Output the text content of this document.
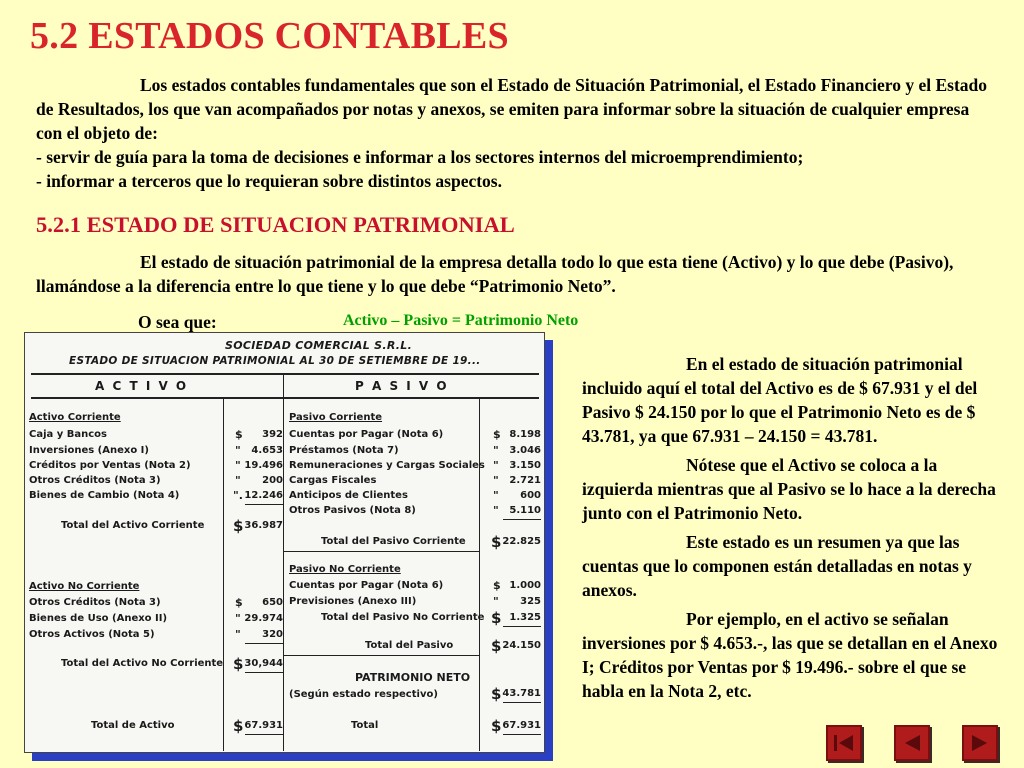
5.2 ESTADOS CONTABLES

Los estados contables fundamentales que son el Estado de Situación Patrimonial, el Estado Financiero y el Estado de Resultados, los que van acompañados por notas y anexos, se emiten para informar sobre la situación de cualquier empresa con el objeto de:

- servir de guía para la toma de decisiones e informar a los sectores internos del microemprendimiento;

- informar a terceros que lo requieran sobre distintos aspectos.

5.2.1 ESTADO DE SITUACION PATRIMONIAL
El estado de situación patrimonial de la empresa detalla todo lo que esta tiene (Activo) y lo que debe (Pasivo), llamándose a la diferencia entre lo que tiene y lo que debe “Patrimonio Neto”.
O sea que:	Activo – Pasivo = Patrimonio Neto
SOCIEDAD COMERCIAL S.R.L.
ESTADO DE SITUACION PATRIMONIAL AL 30 DE SETIEMBRE DE 19...
A C T I V O	P A S I V O
Activo Corriente
Caja y Bancos	$	392
Inversiones (Anexo I)	"	4.653
Créditos por Ventas (Nota 2)	" 19.496
Otros Créditos (Nota 3)	"	200
Bienes de Cambio (Nota 4)	". 12.246
Total del Activo Corriente $ 36.987
Activo No Corriente
Otros Créditos (Nota 3)	$	650
Bienes de Uso (Anexo II)	" 29.974
Otros Activos (Nota 5)	"	320
Total del Activo No Corriente $ 30,944
Total de Activo	$ 67.931
Pasivo Corriente
Cuentas por Pagar (Nota 6)	$ 8.198
Préstamos (Nota 7)	"	3.046
Remuneraciones y Cargas Sociales "	3.150
Cargas Fiscales	"	2.721
Anticipos de Clientes	"	600
Otros Pasivos (Nota 8)	"	5.110
Total del Pasivo Corriente $ 22.825
Pasivo No Corriente
Cuentas por Pagar (Nota 6)	$ 1.000
Previsiones (Anexo III)	"	325
Total del Pasivo No Corriente $ 1.325
Total del Pasivo	$ 24.150
PATRIMONIO NETO
(Según estado respectivo)	$ 43.781
Total	$ 67.931

En el estado de situación patrimonial incluido aquí el total del Activo es de $ 67.931 y el del Pasivo $ 24.150 por lo que el Patrimonio Neto es de $ 43.781, ya que 67.931 – 24.150 = 43.781.

Nótese que el Activo se coloca a la izquierda mientras que al Pasivo se lo hace a la derecha junto con el Patrimonio Neto.

Este estado es un resumen ya que las cuentas que lo componen están detalladas en notas y anexos.

Por ejemplo, en el activo se señalan inversiones por $ 4.653.-, las que se detallan en el Anexo I; Créditos por Ventas por $ 19.496.- sobre el que se habla en la Nota 2, etc.
